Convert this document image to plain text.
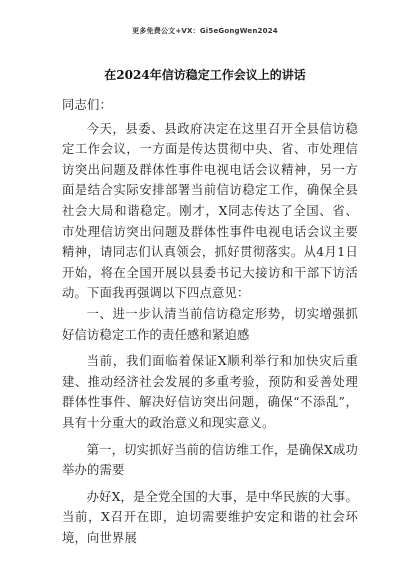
更多免费公文+VX：Gi5eGongWen2024
在2024年信访稳定工作会议上的讲话

同志们：

今天，县委、县政府决定在这里召开全县信访稳定工作会议，一方面是传达贯彻中央、省、市处理信访突出问题及群体性事件电视电话会议精神，另一方面是结合实际安排部署当前信访稳定工作，确保全县社会大局和谐稳定。刚才，X同志传达了全国、省、市处理信访突出问题及群体性事件电视电话会议主要精神，请同志们认真领会，抓好贯彻落实。从4月1日开始，将在全国开展以县委书记大接访和干部下访活动。下面我再强调以下四点意见：

一、进一步认清当前信访稳定形势，切实增强抓好信访稳定工作的责任感和紧迫感

当前，我们面临着保证X顺利举行和加快灾后重建、推动经济社会发展的多重考验，预防和妥善处理群体性事件、解决好信访突出问题，确保“不添乱”，具有十分重大的政治意义和现实意义。

第一，切实抓好当前的信访维工作，是确保X成功举办的需要

办好X，是全党全国的大事，是中华民族的大事。当前，X召开在即，迫切需要维护安定和谐的社会环境，向世界展
